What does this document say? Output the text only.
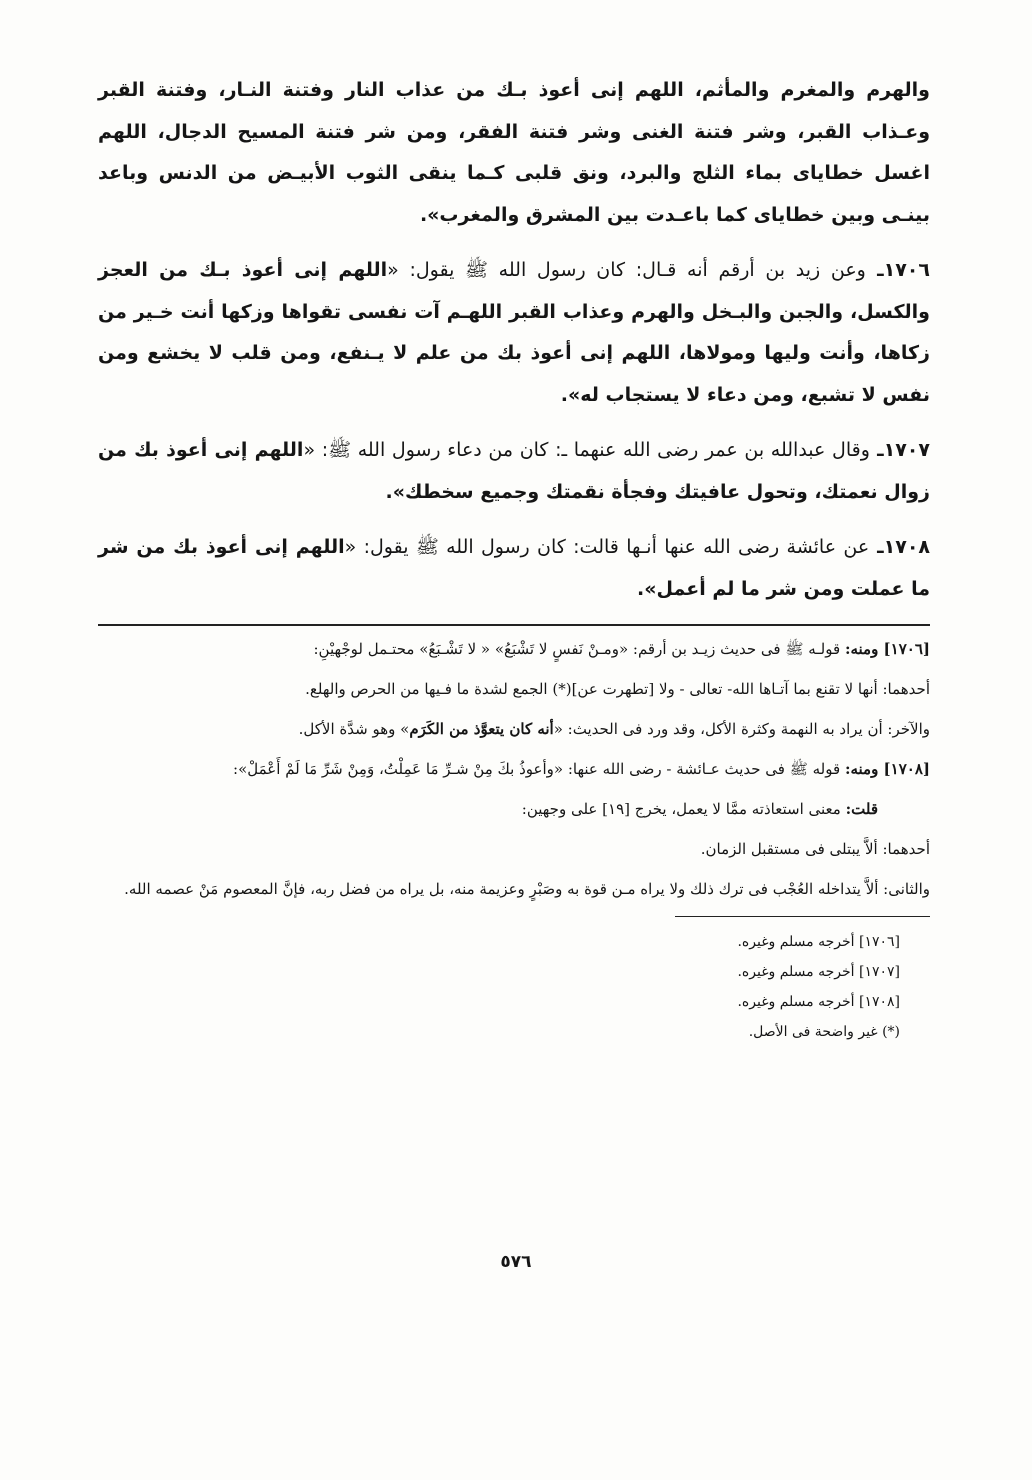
والهرم والمغرم والمأثم، اللهم إنى أعوذ بـك من عذاب النار وفتنة النـار، وفتنة القبر وعـذاب القبر، وشر فتنة الغنى وشر فتنة الفقر، ومن شر فتنة المسيح الدجال، اللهم اغسل خطاياى بماء الثلج والبرد، ونق قلبى كـما ينقى الثوب الأبيـض من الدنس وباعد بينـى وبين خطاياى كما باعـدت بين المشرق والمغرب».

١٧٠٦ـ وعن زيد بن أرقم أنه قـال: كان رسول الله ﷺ يقول: «اللهم إنى أعوذ بـك من العجز والكسل، والجبن والبـخل والهرم وعذاب القبر اللهـم آت نفسى تقواها وزكها أنت خـير من زكاها، وأنت وليها ومولاها، اللهم إنى أعوذ بك من علم لا يـنفع، ومن قلب لا يخشع ومن نفس لا تشبع، ومن دعاء لا يستجاب له».

١٧٠٧ـ وقال عبدالله بن عمر رضى الله عنهما ـ: كان من دعاء رسول الله ﷺ: «اللهم إنى أعوذ بك من زوال نعمتك، وتحول عافيتك وفجأة نقمتك وجميع سخطك».

١٧٠٨ـ عن عائشة رضى الله عنها أنـها قالت: كان رسول الله ﷺ يقول: «اللهم إنى أعوذ بك من شر ما عملت ومن شر ما لم أعمل».

[١٧٠٦] ومنه: قولـه ﷺ فى حديث زيـد بن أرقم: «ومـنْ نَفسٍ لا تَشْبَعُ» « لا تَشْـبَعُ» محتـمل لوجْهيْنِ:

أحدهما: أنها لا تقنع بما آتـاها الله- تعالى - ولا [تطهرت عن](*) الجمع لشدة ما فـيها من الحرص والهلع.

والآخر: أن يراد به النهمة وكثرة الأكل، وقد ورد فى الحديث: «أنه كان يتعوَّذ من الكَرَم» وهو شدَّة الأكل.

[١٧٠٨] ومنه: قوله ﷺ فى حديث عـائشة - رضى الله عنها: «وأعوذُ بكَ مِنْ شـرِّ مَا عَمِلْتُ، وَمِنْ شَرِّ مَا لَمْ أَعْمَلْ»:

قلت: معنى استعاذته ممَّا لا يعمل، يخرج [١٩] على وجهين:

أحدهما: ألاَّ يبتلى فى مستقبل الزمان.

والثانى: ألاَّ يتداخله العُجْب فى ترك ذلك ولا يراه مـن قوة به وصَبْرٍ وعزيمة منه، بل يراه من فضل ربه، فإنَّ المعصوم مَنْ عصمه الله.

[١٧٠٦] أخرجه مسلم وغيره.
[١٧٠٧] أخرجه مسلم وغيره.
[١٧٠٨] أخرجه مسلم وغيره.
(*) غير واضحة فى الأصل.
٥٧٦
